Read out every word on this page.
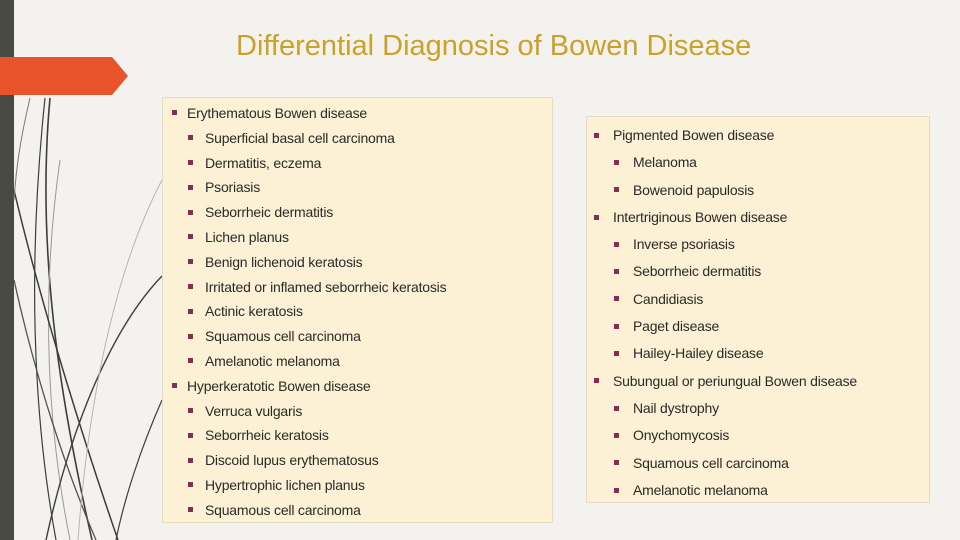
Differential Diagnosis of Bowen Disease
Erythematous Bowen disease
Superficial basal cell carcinoma
Dermatitis, eczema
Psoriasis
Seborrheic dermatitis
Lichen planus
Benign lichenoid keratosis
Irritated or inflamed seborrheic keratosis
Actinic keratosis
Squamous cell carcinoma
Amelanotic melanoma
Hyperkeratotic Bowen disease
Verruca vulgaris
Seborrheic keratosis
Discoid lupus erythematosus
Hypertrophic lichen planus
Squamous cell carcinoma
Pigmented Bowen disease
Melanoma
Bowenoid papulosis
Intertriginous Bowen disease
Inverse psoriasis
Seborrheic dermatitis
Candidiasis
Paget disease
Hailey-Hailey disease
Subungual or periungual Bowen disease
Nail dystrophy
Onychomycosis
Squamous cell carcinoma
Amelanotic melanoma
